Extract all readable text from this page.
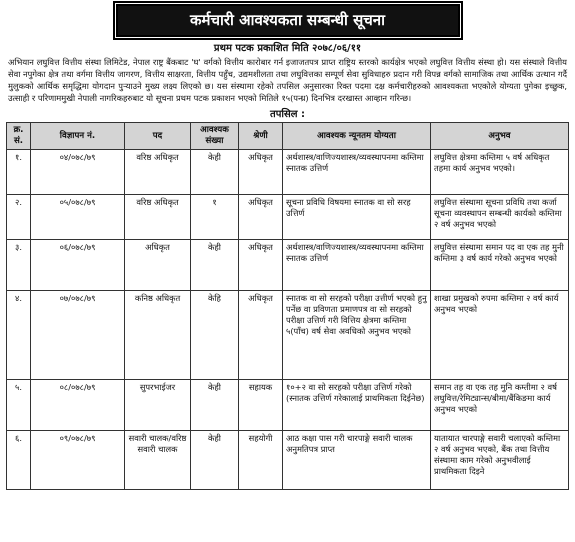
कर्मचारी आवश्यकता सम्बन्धी सूचना
प्रथम पटक प्रकाशित मिति २०७८/०६/११
अभियान लघुवित्त वित्तीय संस्था लिमिटेड, नेपाल राष्ट्र बैंकबाट 'घ' वर्गको वित्तीय कारोबार गर्न इजाजतपत्र प्राप्त राष्ट्रिय स्तरको कार्यक्षेत्र भएको लघुवित्त वित्तीय संस्था हो। यस संस्थाले वित्तीय सेवा नपुगेका क्षेत्र तथा वर्गमा वित्तीय जागरण, वित्तीय साक्षरता, वित्तीय पहुँच, उद्यमशीलता तथा लघुवित्तका सम्पूर्ण सेवा सुविधाहरु प्रदान गरी विपन्न वर्गको सामाजिक तथा आर्थिक उत्थान गर्दै मुलुकको आर्थिक समृद्धिमा योगदान पुऱ्याउने मुख्य लक्ष्य लिएको छ। यस संस्थामा रहेको तपसिल अनुसारका रिक्त पदमा दक्ष कर्मचारीहरुको आवश्यकता भएकोले योग्यता पुगेका इच्छुक, उत्साही र परिणाममुखी नेपाली नागरिकहरुबाट यो सूचना प्रथम पटक प्रकाशन भएको मितिले १५(पन्ध्र) दिनभित्र दरखास्त आव्हान गरिन्छ।
तपसिल :
क्र. सं.	विज्ञापन नं.	पद	आवश्यक संख्या	श्रेणी	आवश्यक न्यूनतम योग्यता	अनुभव
१.	०४/०७८/७९	वरिष्ठ अधिकृत	केही	अधिकृत	अर्थशास्त्र/वाणिज्यशास्त्र/व्यवस्थापनमा कम्तिमा स्नातक उत्तिर्ण	लघुवित्त क्षेत्रमा कम्तिमा ५ वर्ष अधिकृत तहमा कार्य अनुभव भएको।
२.	०५/०७८/७९	वरिष्ठ अधिकृत	१	अधिकृत	सूचना प्रविधि विषयमा स्नातक वा सो सरह उत्तिर्ण	लघुवित्त संस्थामा सूचना प्रविधि तथा कर्जा सूचना व्यवस्थापन सम्बन्धी कार्यको कम्तिमा २ वर्ष अनुभव भएको
३.	०६/०७८/७९	अधिकृत	केही	अधिकृत	अर्थशास्त्र/वाणिज्यशास्त्र/व्यवस्थापनमा कम्तिमा स्नातक उत्तिर्ण	लघुवित्त संस्थामा समान पद वा एक तह मुनी कम्तिमा ३ वर्ष कार्य गरेको अनुभव भएको
४.	०७/०७८/७९	कनिष्ठ अधिकृत	केहि	अधिकृत	स्नातक वा सो सरहको परीक्षा उत्तीर्ण भएको हुनु पर्नेछ वा प्रविणता प्रमाणपत्र वा सो सरहको परीक्षा उत्तिर्ण गरी वित्तिय क्षेत्रमा कम्तिमा ५(पाँच) वर्ष सेवा अवधिको अनुभव भएको	शाखा प्रमुखको रुपमा कम्तिमा २ वर्ष कार्य अनुभव भएको
५.	०८/०७८/७९	सुपरभाईजर	केही	सहायक	१०+२ वा सो सरहको परीक्षा उत्तिर्ण गरेको (स्नातक उत्तिर्ण गरेकालाई प्राथमिकता दिईनेछ)	समान तह वा एक तह मुनि कम्तीमा २ वर्ष लघुवित्त/रेमिट्यान्स/बीमा/बैंकिङमा कार्य अनुभव भएको
६.	०९/०७८/७९	सवारी चालक/वरिष्ठ सवारी चालक	केही	सहयोगी	आठ कक्षा पास गरी चारपाङ्गे सवारी चालक अनुमतिपत्र प्राप्त	यातायात चारपाङ्गे सवारी चलाएको कम्तिमा २ वर्ष अनुभव भएको, बैंक तथा वित्तीय संस्थामा काम गरेको अनुभवीलाई प्राथमिकता दिइने
